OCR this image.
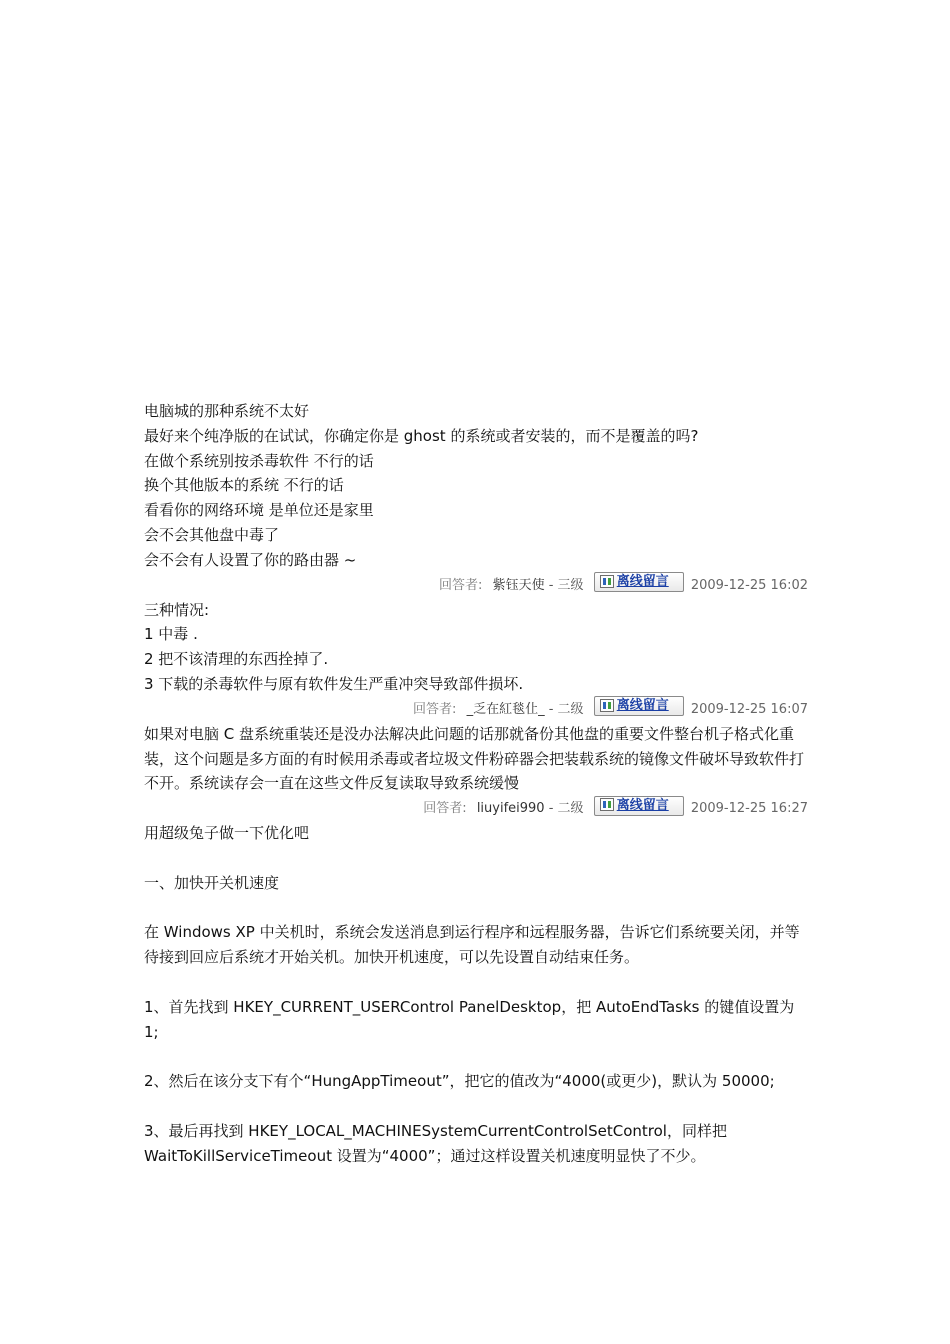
电脑城的那种系统不太好
最好来个纯净版的在试试，你确定你是 ghost 的系统或者安装的，而不是覆盖的吗?
在做个系统别按杀毒软件 不行的话
换个其他版本的系统 不行的话
看看你的网络环境 是单位还是家里
会不会其他盘中毒了
会不会有人设置了你的路由器 ~
回答者: 紫钰天使 - 三级	离线留言 2009-12-25 16:02
三种情况:
1 中毒 .
2 把不该清理的东西拴掉了.
3 下载的杀毒软件与原有软件发生严重冲突导致部件损坏.
回答者: _乏在紅毯仩_ - 二级	离线留言 2009-12-25 16:07
如果对电脑 C 盘系统重装还是没办法解决此问题的话那就备份其他盘的重要文件整台机子格式化重装，这个问题是多方面的有时候用杀毒或者垃圾文件粉碎器会把装载系统的镜像文件破坏导致软件打不开。系统读存会一直在这些文件反复读取导致系统缓慢
回答者: liuyifei990 - 二级	离线留言 2009-12-25 16:27
用超级兔子做一下优化吧
一、加快开关机速度
在 Windows XP 中关机时，系统会发送消息到运行程序和远程服务器，告诉它们系统要关闭，并等待接到回应后系统才开始关机。加快开机速度，可以先设置自动结束任务。
1、首先找到 HKEY_CURRENT_USERControl PanelDesktop，把 AutoEndTasks 的键值设置为 1;
2、然后在该分支下有个“HungAppTimeout”，把它的值改为“4000(或更少)，默认为 50000;
3、最后再找到 HKEY_LOCAL_MACHINESystemCurrentControlSetControl，同样把 WaitToKillServiceTimeout 设置为“4000”；通过这样设置关机速度明显快了不少。
